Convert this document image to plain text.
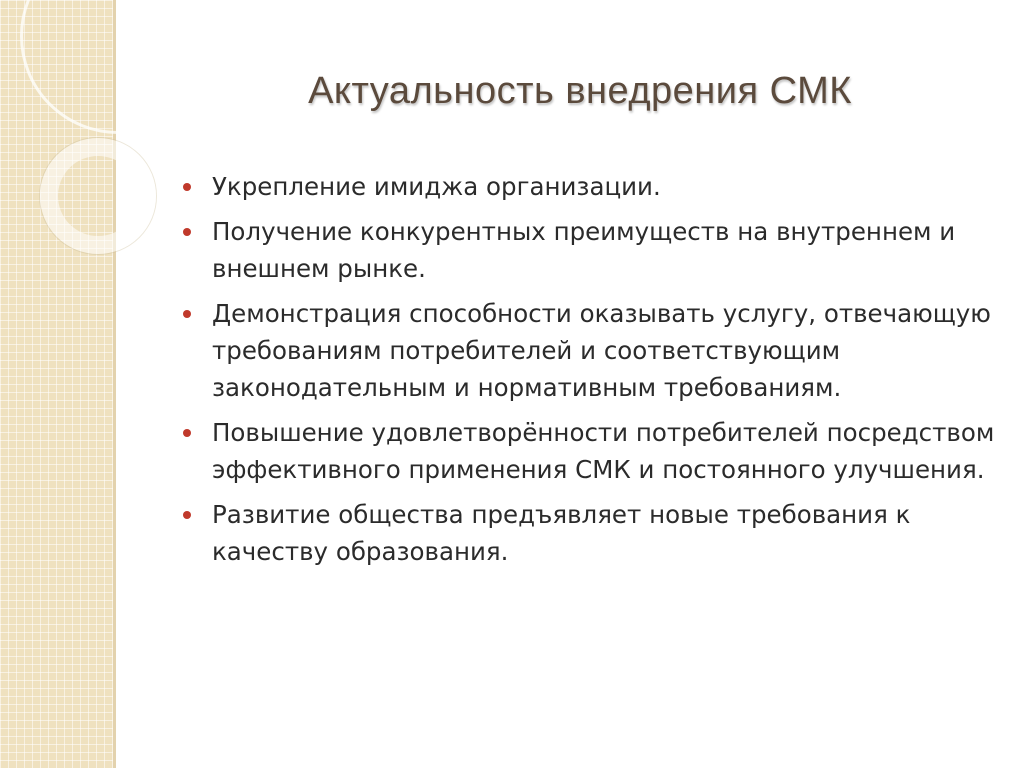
Актуальность внедрения СМК
Укрепление имиджа организации.
Получение конкурентных преимуществ на внутреннем и внешнем рынке.
Демонстрация способности оказывать услугу, отвечающую требованиям потребителей и соответствующим законодательным и нормативным требованиям.
Повышение удовлетворённости потребителей посредством эффективного применения СМК и постоянного улучшения.
Развитие общества предъявляет новые требования к качеству образования.
